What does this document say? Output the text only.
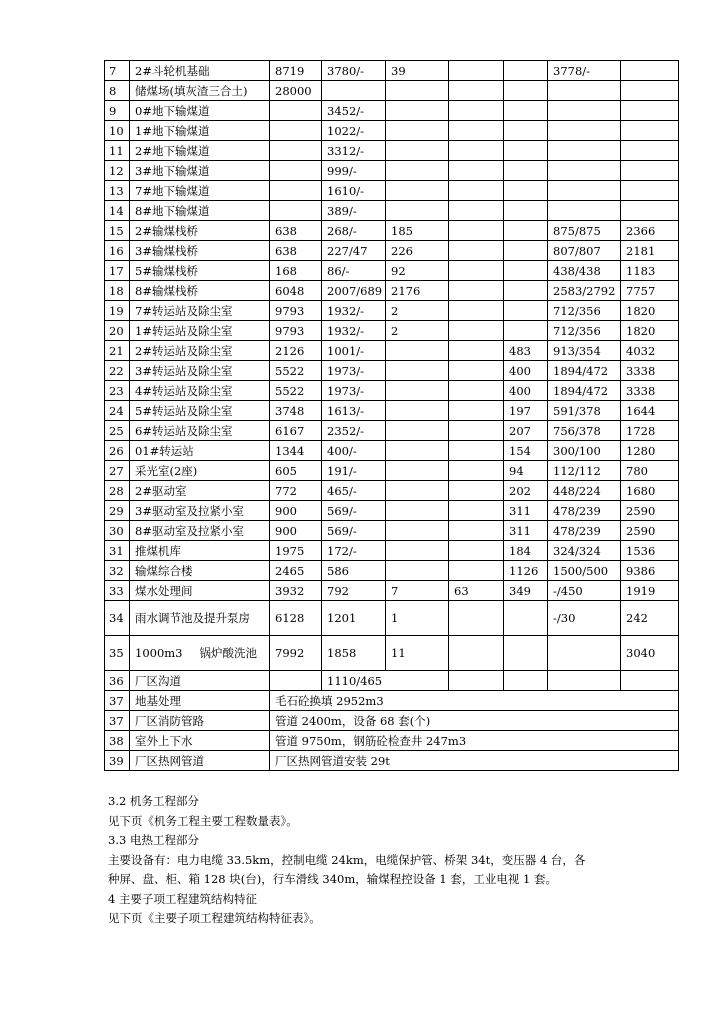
7	2#斗轮机基础	8719	3780/-	39			3778/-	
8	储煤场(填灰渣三合土)	28000						
9	0#地下输煤道		3452/-					
10	1#地下输煤道		1022/-					
11	2#地下输煤道		3312/-					
12	3#地下输煤道		999/-					
13	7#地下输煤道		1610/-					
14	8#地下输煤道		389/-					
15	2#输煤栈桥	638	268/-	185			875/875	2366
16	3#输煤栈桥	638	227/47	226			807/807	2181
17	5#输煤栈桥	168	86/-	92			438/438	1183
18	8#输煤栈桥	6048	2007/689	2176			2583/2792	7757
19	7#转运站及除尘室	9793	1932/-	2			712/356	1820
20	1#转运站及除尘室	9793	1932/-	2			712/356	1820
21	2#转运站及除尘室	2126	1001/-			483	913/354	4032
22	3#转运站及除尘室	5522	1973/-			400	1894/472	3338
23	4#转运站及除尘室	5522	1973/-			400	1894/472	3338
24	5#转运站及除尘室	3748	1613/-			197	591/378	1644
25	6#转运站及除尘室	6167	2352/-			207	756/378	1728
26	01#转运站	1344	400/-			154	300/100	1280
27	采光室(2座)	605	191/-			94	112/112	780
28	2#驱动室	772	465/-			202	448/224	1680
29	3#驱动室及拉紧小室	900	569/-			311	478/239	2590
30	8#驱动室及拉紧小室	900	569/-			311	478/239	2590
31	推煤机库	1975	172/-			184	324/324	1536
32	输煤综合楼	2465	586			1126	1500/500	9386
33	煤水处理间	3932	792	7	63	349	-/450	1919
34	雨水调节池及提升泵房	6128	1201	1			-/30	242
35	1000m3 锅炉酸洗池	7992	1858	11				3040
36	厂区沟道		1110/465					
37	地基处理	毛石砼换填 2952m3						
37	厂区消防管路	管道 2400m，设备 68 套(个)						
38	室外上下水	管道 9750m，钢筋砼检查井 247m3						
39	厂区热网管道	厂区热网管道安装 29t						

3.2 机务工程部分

见下页《机务工程主要工程数量表》。

3.3 电热工程部分

主要设备有：电力电缆 33.5km，控制电缆 24km，电缆保护管、桥架 34t，变压器 4 台，各

种屏、盘、柜、箱 128 块(台)，行车滑线 340m，输煤程控设备 1 套，工业电视 1 套。

4 主要子项工程建筑结构特征

见下页《主要子项工程建筑结构特征表》。
